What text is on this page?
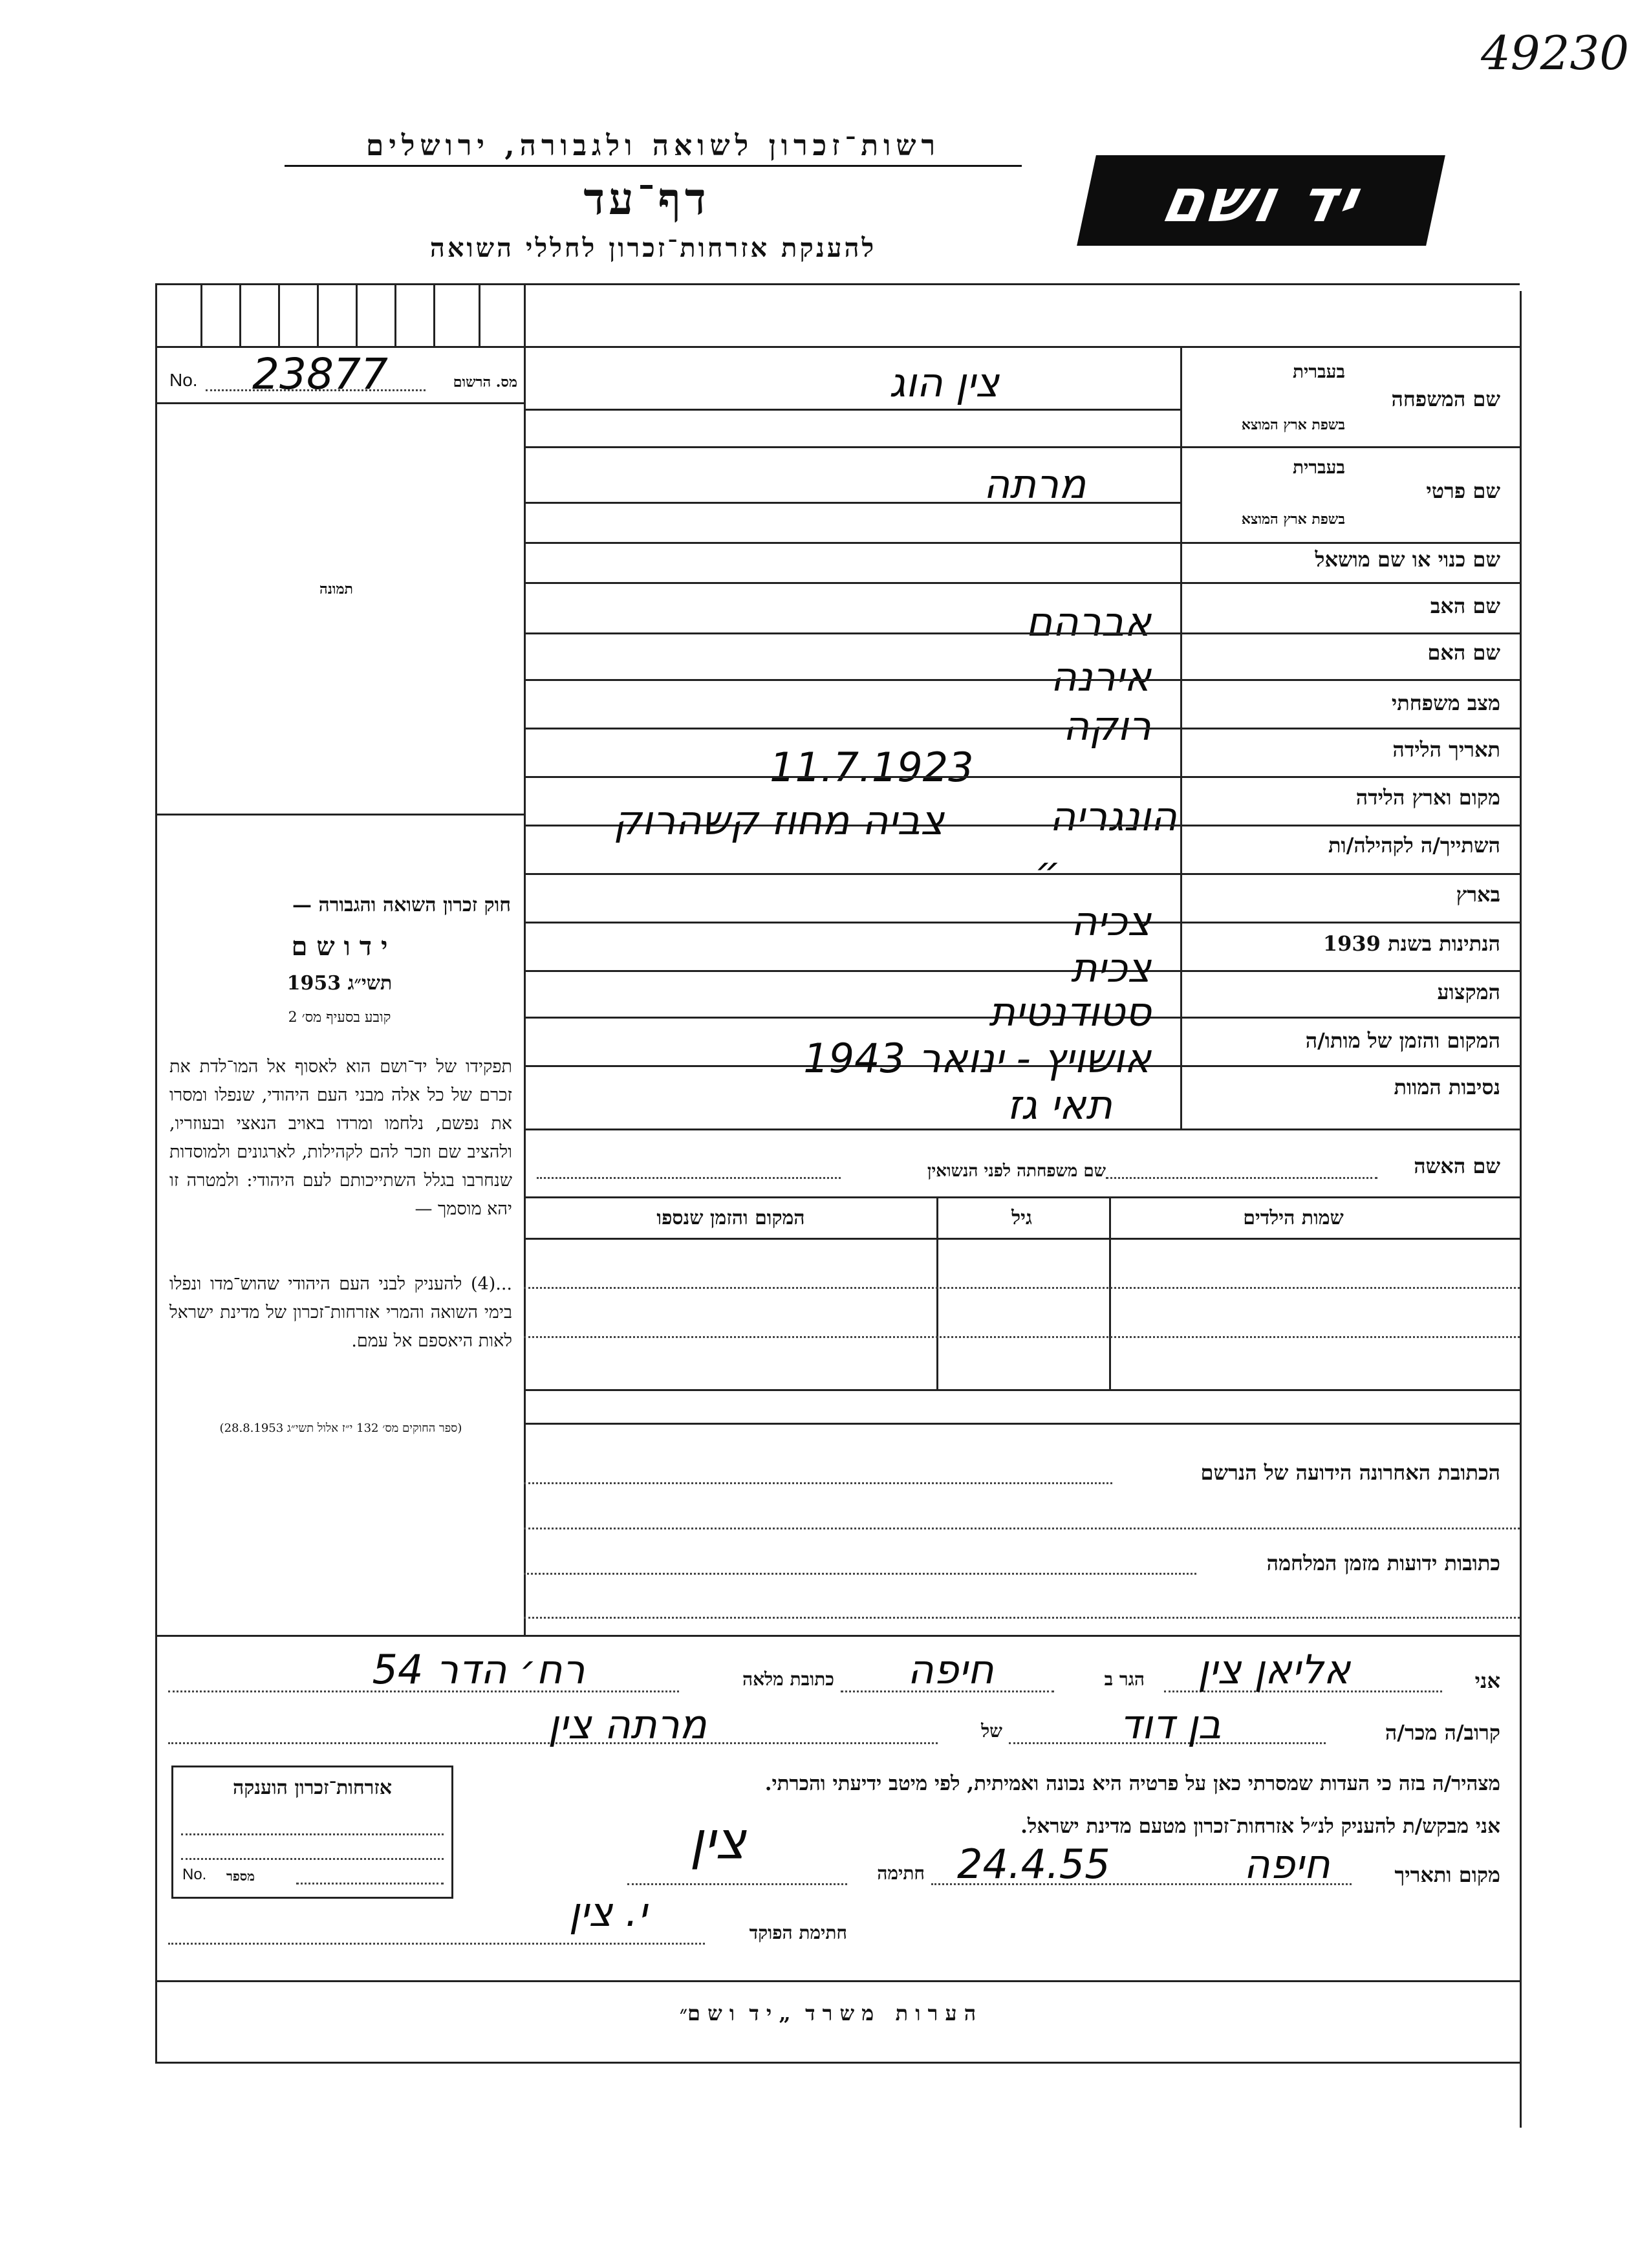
49230
רשות־זכרון לשואה ולגבורה, ירושלים
דף־עד
להענקת אזרחות־זכרון לחללי השואה
יד ושם
מס. הרשום
No. 23877
תמונה
חוק זכרון השואה והגבורה —
י ד ו ש ם
תשי״ג 1953
קובע בסעיף מס׳ 2
תפקידו של יד־ושם הוא לאסוף אל המו־לדת את זכרם של כל אלה מבני העם היהודי, שנפלו ומסרו את נפשם, נלחמו ומרדו באויב הנאצי ובעוזריו, ולהציב שם וזכר להם לקהילות, לארגונים ולמוסדות שנחרבו בגלל השתייכותם לעם היהודי: ולמטרה זו יהא מוסמך —
...(4) להעניק לבני העם היהודי שהוש־מדו ונפלו בימי השואה והמרי אזרחות־זכרון של מדינת ישראל לאות היאספם אל עמם.
(ספר החוקים מס׳ 132 י״ז אלול תשי״ג 28.8.1953)
שם המשפחה
בעברית
בשפת ארץ המוצא
צין הוג
שם פרטי
בעברית
בשפת ארץ המוצא
מרתה
שם כנוי או שם מושאל
שם האב
אברהם
שם האם
אירנה
מצב משפחתי
רוקה	תאריך הלידה
11.7.1923
מקום וארץ הלידה
הונגריה
השתייך/ה לקהילה/ות
צביה מחוז קשהרוק
בארץ
״
הנתינות בשנת 1939
צכיה
המקצוע
צכית
המקום והזמן של מותו/ה
סטודנטית
נסיבות המוות
אושויץ - ינואר 1943
תאי גז
שם האשה
שם משפחתה לפני הנשואין
שמות הילדים
גיל
המקום והזמן שנספו
הכתובת האחרונה הידועה של הנרשם
כתובות ידועות מזמן המלחמה
אני
אליאן צין
הגר ב
חיפה
כתובת מלאה
רח׳ הדר 54
קרוב/ה מכר/ה
בן דוד
של
מרתה צין
מצהיר/ה בזה כי העדות שמסרתי כאן על פרטיה היא נכונה ואמיתית, לפי מיטב ידיעתי והכרתי.
אני מבקש/ת להעניק לנ״ל אזרחות־זכרון מטעם מדינת ישראל.
מקום ותאריך
חיפה
24.4.55
חתימה
צין
חתימת הפוקד
י. צין
אזרחות־זכרון הוענקה
No. מספר
ה ע ר ו ת   מ ש ר ד  „ י ד  ו ש ם״
